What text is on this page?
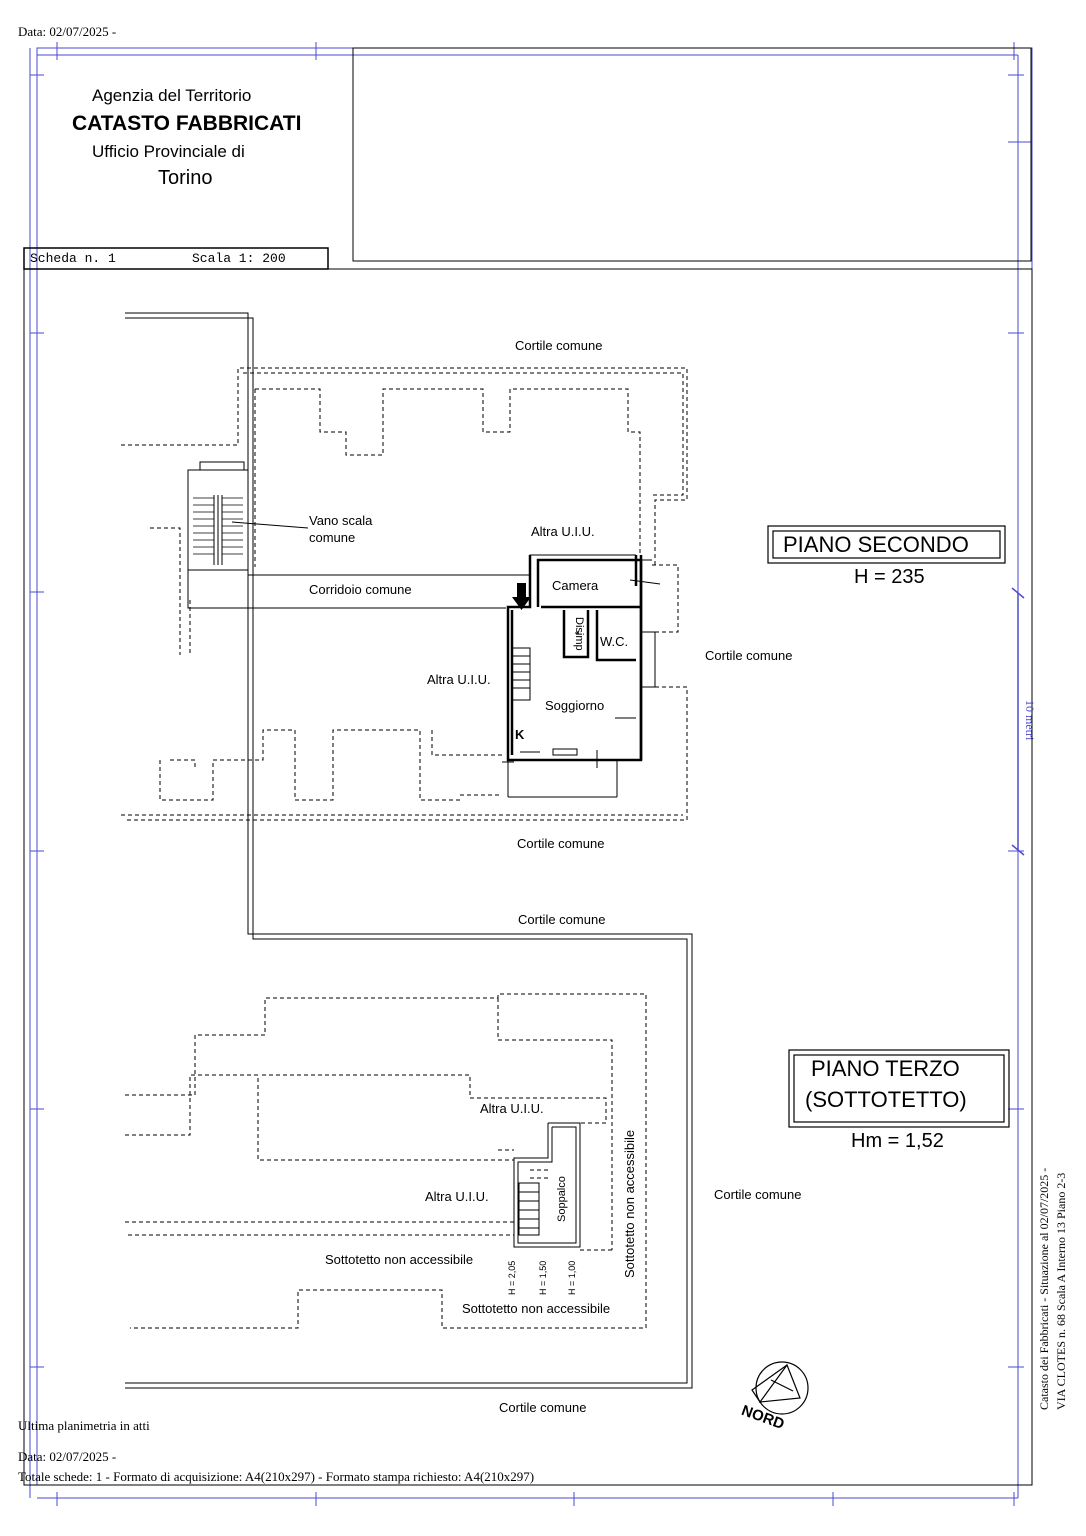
Data: 02/07/2025 -
Agenzia del Territorio
CATASTO FABBRICATI
Ufficio Provinciale di
Torino
Scheda n. 1	Scala 1: 200
Cortile comune
Vano scala
comune	Altra U.I.U.
Corridoio comune	Camera
Disimp W.C.
Cortile comune
Altra U.I.U.
Soggiorno
K
Cortile comune
PIANO SECONDO
H = 235
Cortile comune
PIANO TERZO
(SOTTOTETTO)
Hm = 1,52
Altra U.I.U.
Altra U.I.U.	Cortile comune
Sottotetto non accessibile
Sottotetto non accessibile
Cortile comune
Sottotetto non accessibile
Soppalco
H = 2,05 H = 1,50 H = 1,00
10 metri
NORD
Catasto dei Fabbricati - Situazione al 02/07/2025 - VIA CLOTES n. 68 Scala A Interno 13 Piano 2-3
Ultima planimetria in atti
Data: 02/07/2025 -
Totale schede: 1 - Formato di acquisizione: A4(210x297) - Formato stampa richiesto: A4(210x297)
